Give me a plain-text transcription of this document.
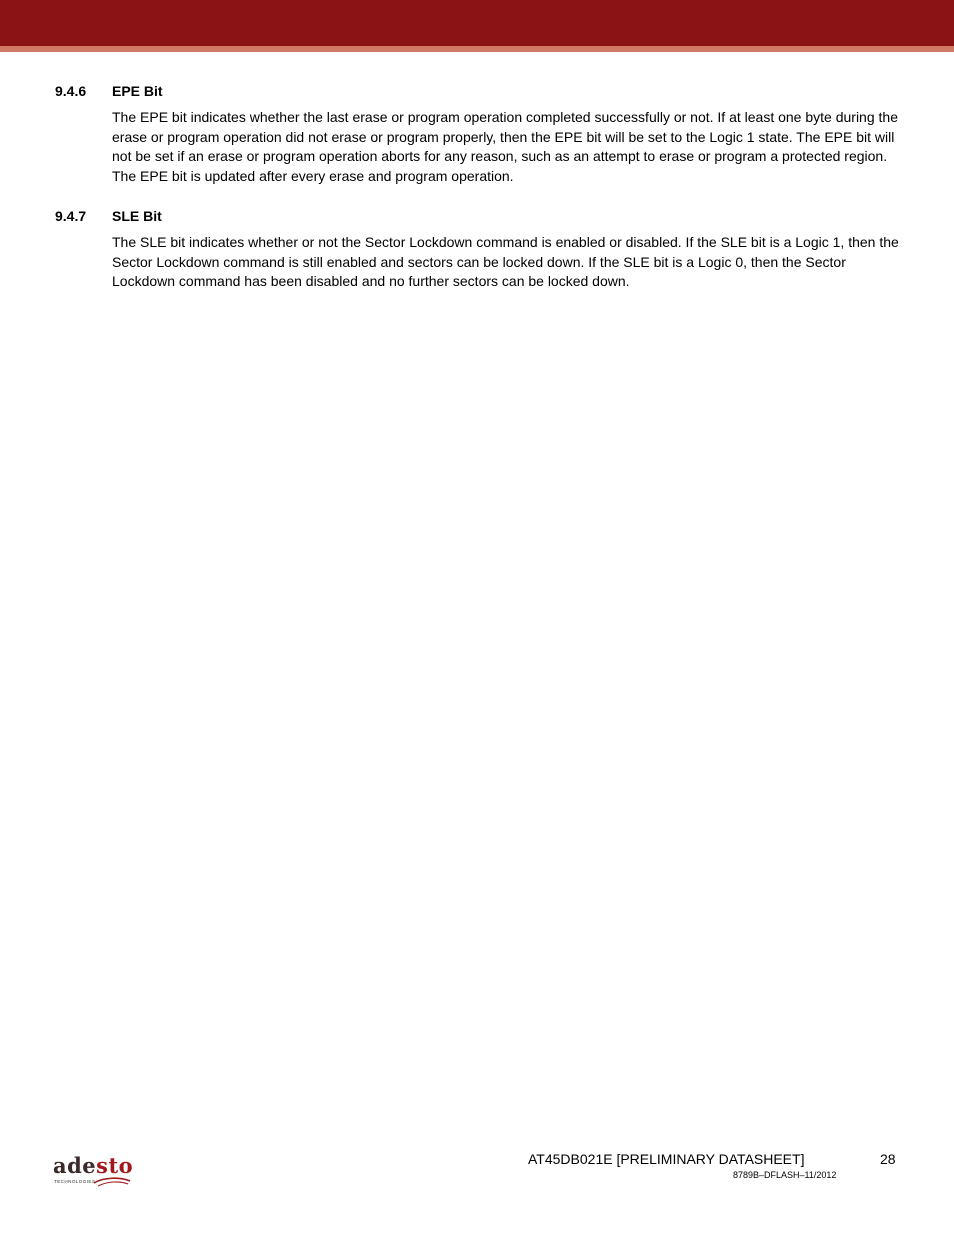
9.4.6 EPE Bit
The EPE bit indicates whether the last erase or program operation completed successfully or not. If at least one byte during the erase or program operation did not erase or program properly, then the EPE bit will be set to the Logic 1 state. The EPE bit will not be set if an erase or program operation aborts for any reason, such as an attempt to erase or program a protected region. The EPE bit is updated after every erase and program operation.
9.4.7 SLE Bit
The SLE bit indicates whether or not the Sector Lockdown command is enabled or disabled. If the SLE bit is a Logic 1, then the Sector Lockdown command is still enabled and sectors can be locked down. If the SLE bit is a Logic 0, then the Sector Lockdown command has been disabled and no further sectors can be locked down.
adesto
TECHNOLOGIES
AT45DB021E [PRELIMINARY DATASHEET]	28
8789B–DFLASH–11/2012
